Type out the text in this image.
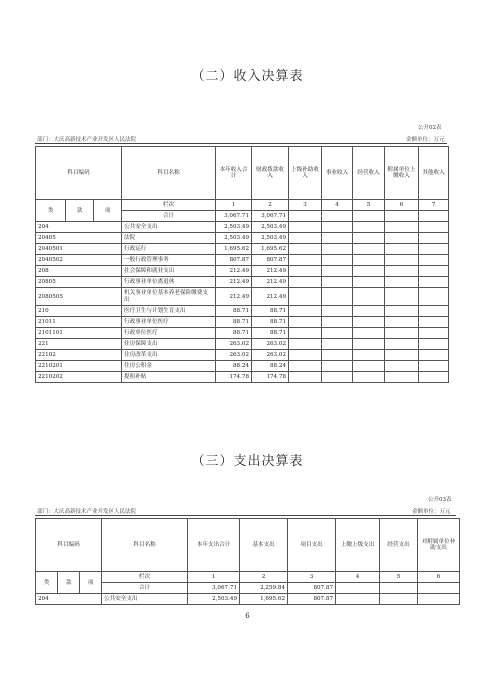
（二）收入决算表
公开02表
部门：大庆高新技术产业开发区人民法院	金额单位：万元
科目编码			科目名称	本年收入合计	财政拨款收入	上级补助收入	事业收入	经营收入	附属单位上缴收入	其他收入
类	款	项	栏次	1	2	3	4	5	6	7
			合计	3,067.71	3,067.71					
204			公共安全支出	2,503.49	2,503.49					
20405			法院	2,503.49	2,503.49					
2040501			行政运行	1,695.62	1,695.62					
2040502			一般行政管理事务	807.87	807.87					
208			社会保障和就业支出	212.49	212.49					
20805			行政事业单位离退休	212.49	212.49					
2080505			机关事业单位基本养老保险缴费支出	212.49	212.49					
210			医疗卫生与计划生育支出	88.71	88.71					
21011			行政事业单位医疗	88.71	88.71					
2101101			行政单位医疗	88.71	88.71					
221			住房保障支出	263.02	263.02					
22102			住房改革支出	263.02	263.02					
2210201			住房公积金	88.24	88.24					
2210202			提租补贴	174.78	174.78					
（三）支出决算表
公开03表
部门：大庆高新技术产业开发区人民法院	金额单位：万元
科目编码			科目名称	本年支出合计	基本支出	项目支出	上缴上级支出	经营支出	对附属单位补助支出
类	款	项	栏次	1	2	3	4	5	6
			合计	3,067.71	2,259.84	807.87			
204			公共安全支出	2,503.49	1,695.62	807.87			
6
